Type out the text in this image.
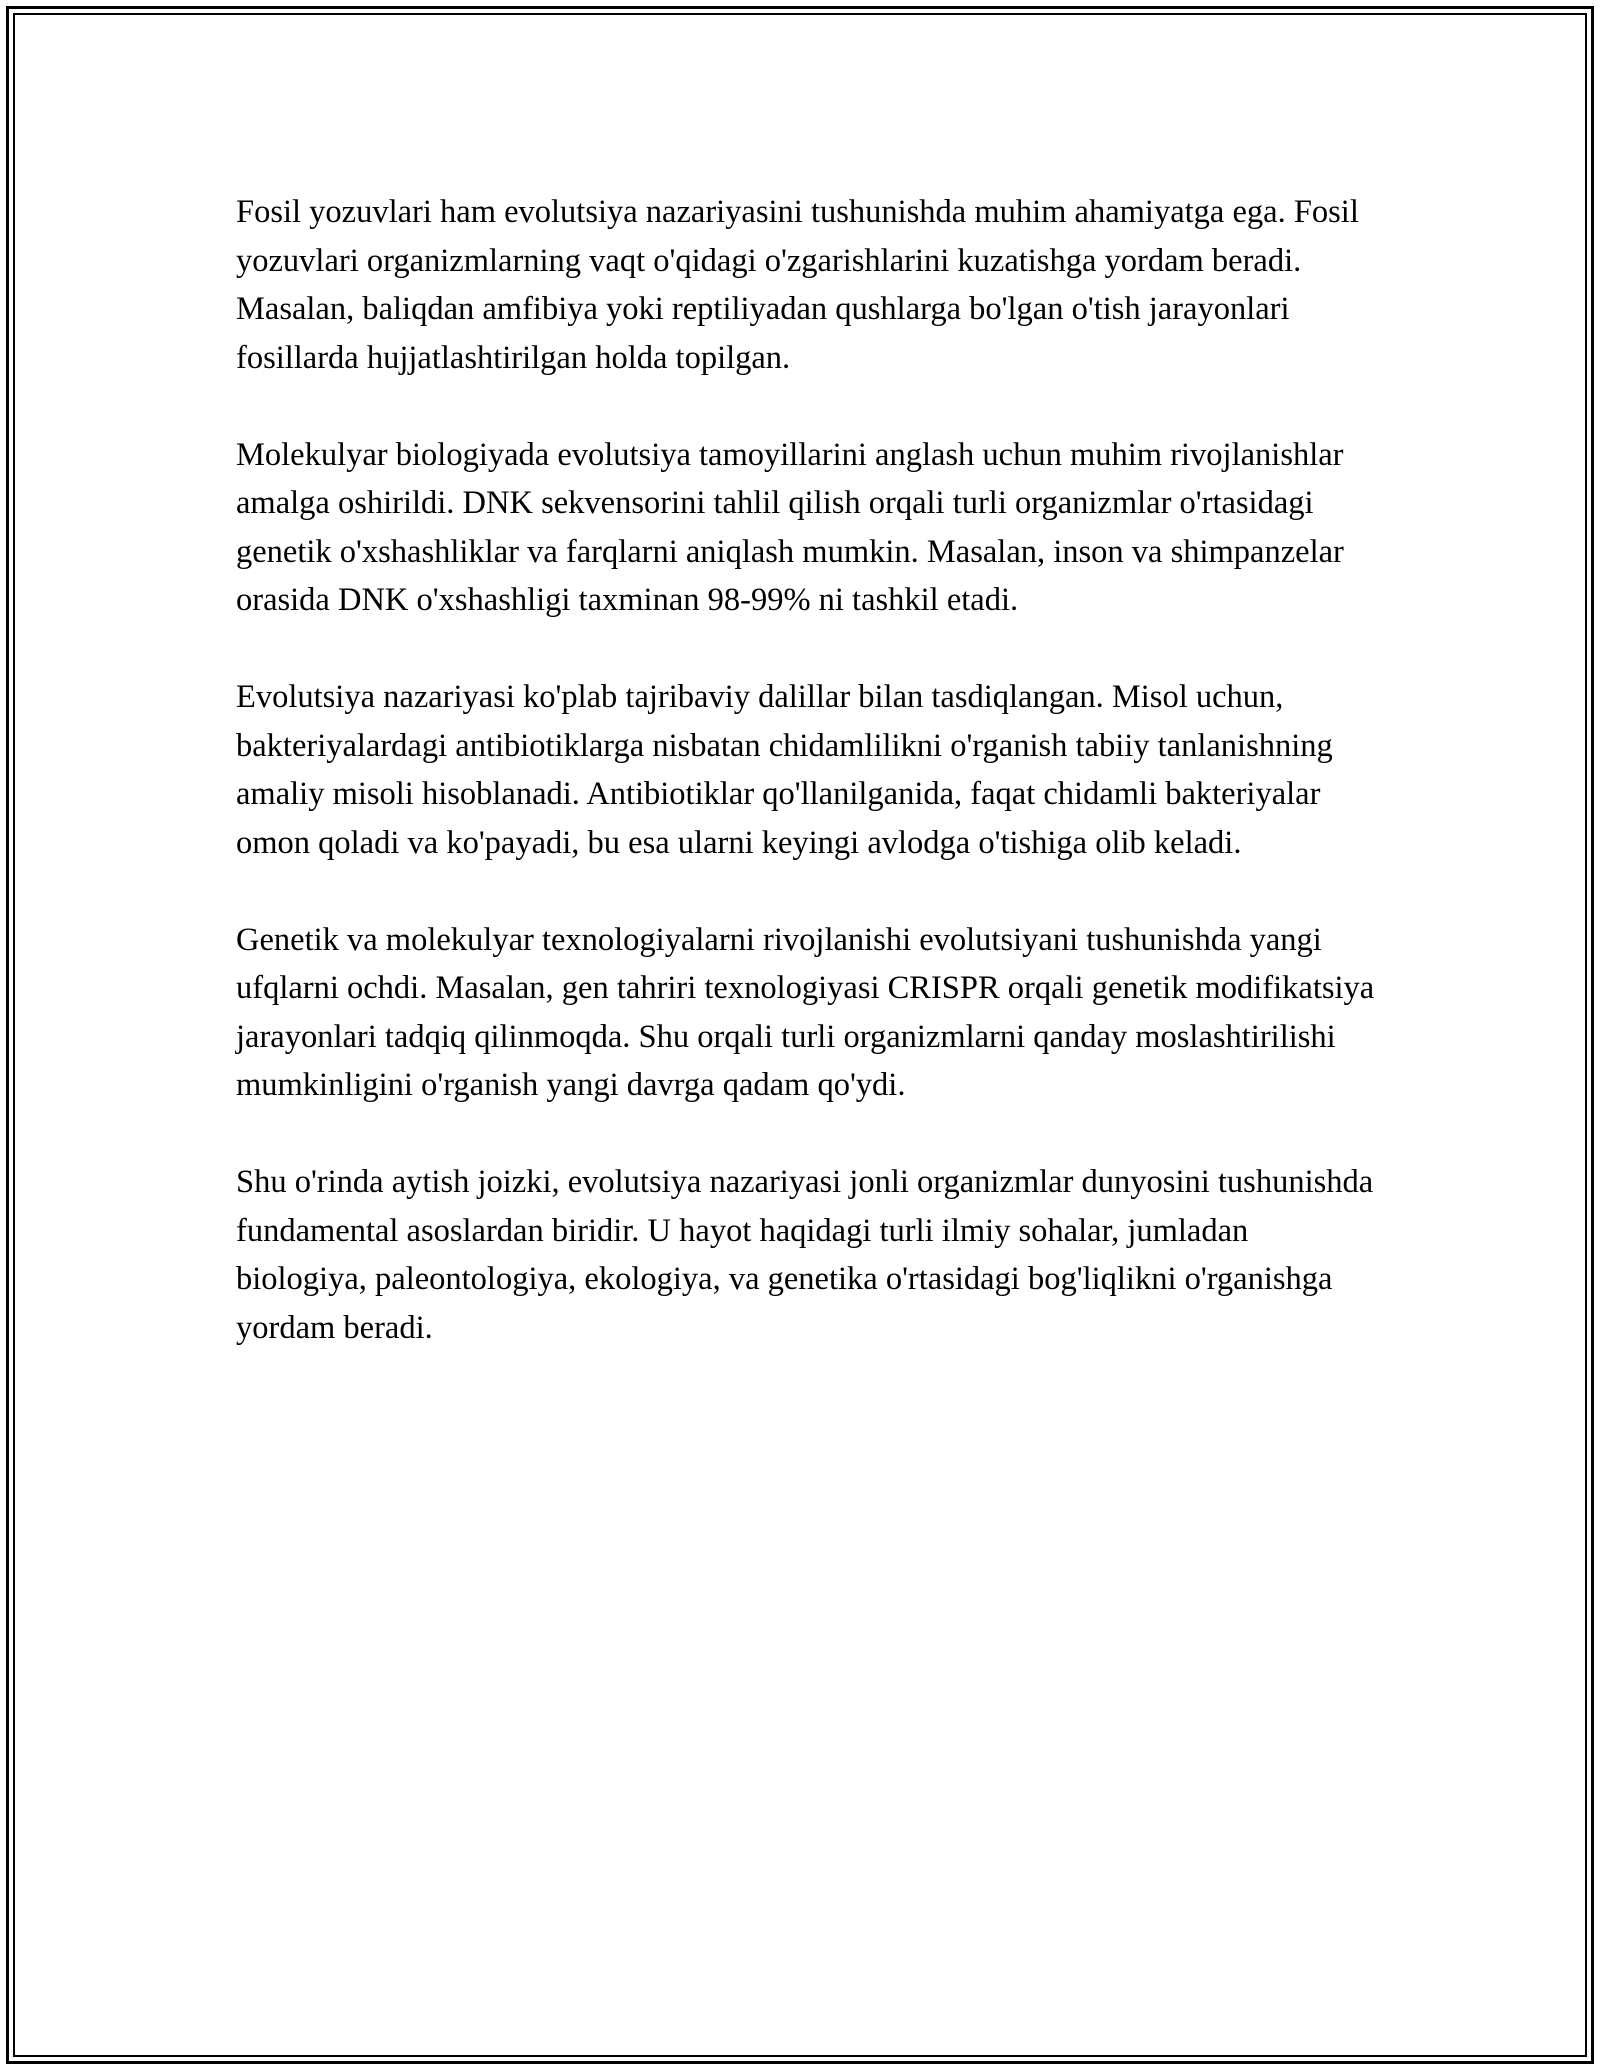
Fosil yozuvlari ham evolutsiya nazariyasini tushunishda muhim ahamiyatga ega. Fosil yozuvlari organizmlarning vaqt o'qidagi o'zgarishlarini kuzatishga yordam beradi. Masalan, baliqdan amfibiya yoki reptiliyadan qushlarga bo'lgan o'tish jarayonlari fosillarda hujjatlashtirilgan holda topilgan.

Molekulyar biologiyada evolutsiya tamoyillarini anglash uchun muhim rivojlanishlar amalga oshirildi. DNK sekvensorini tahlil qilish orqali turli organizmlar o'rtasidagi genetik o'xshashliklar va farqlarni aniqlash mumkin. Masalan, inson va shimpanzelar orasida DNK o'xshashligi taxminan 98-99% ni tashkil etadi.

Evolutsiya nazariyasi ko'plab tajribaviy dalillar bilan tasdiqlangan. Misol uchun, bakteriyalardagi antibiotiklarga nisbatan chidamlilikni o'rganish tabiiy tanlanishning amaliy misoli hisoblanadi. Antibiotiklar qo'llanilganida, faqat chidamli bakteriyalar omon qoladi va ko'payadi, bu esa ularni keyingi avlodga o'tishiga olib keladi.

Genetik va molekulyar texnologiyalarni rivojlanishi evolutsiyani tushunishda yangi ufqlarni ochdi. Masalan, gen tahriri texnologiyasi CRISPR orqali genetik modifikatsiya jarayonlari tadqiq qilinmoqda. Shu orqali turli organizmlarni qanday moslashtirilishi mumkinligini o'rganish yangi davrga qadam qo'ydi.

Shu o'rinda aytish joizki, evolutsiya nazariyasi jonli organizmlar dunyosini tushunishda fundamental asoslardan biridir. U hayot haqidagi turli ilmiy sohalar, jumladan biologiya, paleontologiya, ekologiya, va genetika o'rtasidagi bog'liqlikni o'rganishga yordam beradi.
